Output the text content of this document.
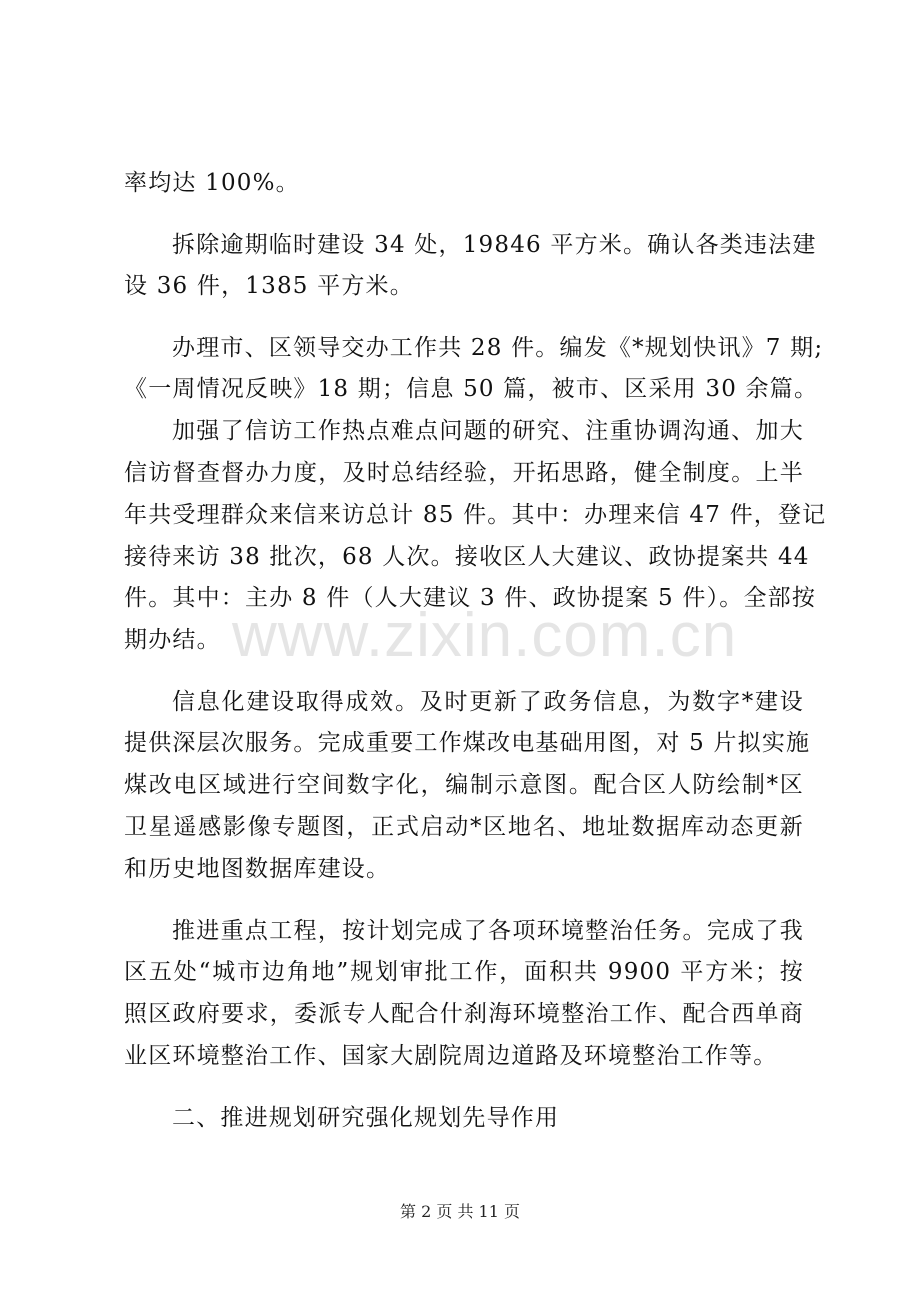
率均达 100%。
拆除逾期临时建设 34 处，19846 平方米。确认各类违法建
设 36 件，1385 平方米。
办理市、区领导交办工作共 28 件。编发《*规划快讯》7 期;
《一周情况反映》18 期；信息 50 篇，被市、区采用 30 余篇。
加强了信访工作热点难点问题的研究、注重协调沟通、加大
信访督查督办力度，及时总结经验，开拓思路，健全制度。上半
年共受理群众来信来访总计 85 件。其中：办理来信 47 件，登记
接待来访 38 批次，68 人次。接收区人大建议、政协提案共 44
件。其中：主办 8 件（人大建议 3 件、政协提案 5 件）。全部按
期办结。
信息化建设取得成效。及时更新了政务信息，为数字*建设
提供深层次服务。完成重要工作煤改电基础用图，对 5 片拟实施
煤改电区域进行空间数字化，编制示意图。配合区人防绘制*区
卫星遥感影像专题图，正式启动*区地名、地址数据库动态更新
和历史地图数据库建设。
推进重点工程，按计划完成了各项环境整治任务。完成了我
区五处“城市边角地”规划审批工作，面积共 9900 平方米；按
照区政府要求，委派专人配合什刹海环境整治工作、配合西单商
业区环境整治工作、国家大剧院周边道路及环境整治工作等。
二、推进规划研究强化规划先导作用
www.zixin.com.cn
第 2 页 共 11 页
